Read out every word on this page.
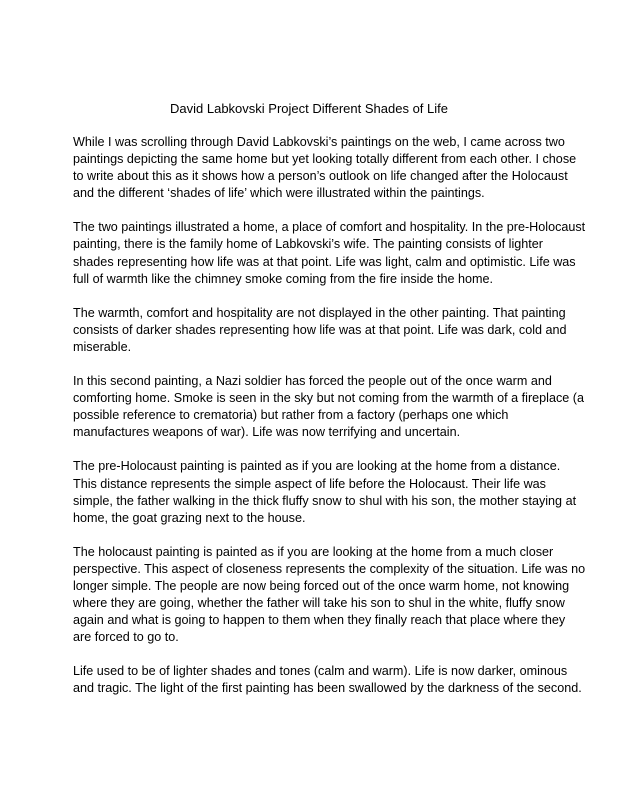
David Labkovski Project Different Shades of Life

While I was scrolling through David Labkovski’s paintings on the web, I came across two
paintings depicting the same home but yet looking totally different from each other. I chose
to write about this as it shows how a person’s outlook on life changed after the Holocaust
and the different ‘shades of life’ which were illustrated within the paintings.

The two paintings illustrated a home, a place of comfort and hospitality. In the pre-Holocaust
painting, there is the family home of Labkovski’s wife. The painting consists of lighter
shades representing how life was at that point. Life was light, calm and optimistic. Life was
full of warmth like the chimney smoke coming from the fire inside the home.

The warmth, comfort and hospitality are not displayed in the other painting. That painting
consists of darker shades representing how life was at that point. Life was dark, cold and
miserable.

In this second painting, a Nazi soldier has forced the people out of the once warm and
comforting home. Smoke is seen in the sky but not coming from the warmth of a fireplace (a
possible reference to crematoria) but rather from a factory (perhaps one which
manufactures weapons of war). Life was now terrifying and uncertain.

The pre-Holocaust painting is painted as if you are looking at the home from a distance.
This distance represents the simple aspect of life before the Holocaust. Their life was
simple, the father walking in the thick fluffy snow to shul with his son, the mother staying at
home, the goat grazing next to the house.

The holocaust painting is painted as if you are looking at the home from a much closer
perspective. This aspect of closeness represents the complexity of the situation. Life was no
longer simple. The people are now being forced out of the once warm home, not knowing
where they are going, whether the father will take his son to shul in the white, fluffy snow
again and what is going to happen to them when they finally reach that place where they
are forced to go to.

Life used to be of lighter shades and tones (calm and warm). Life is now darker, ominous
and tragic. The light of the first painting has been swallowed by the darkness of the second.
